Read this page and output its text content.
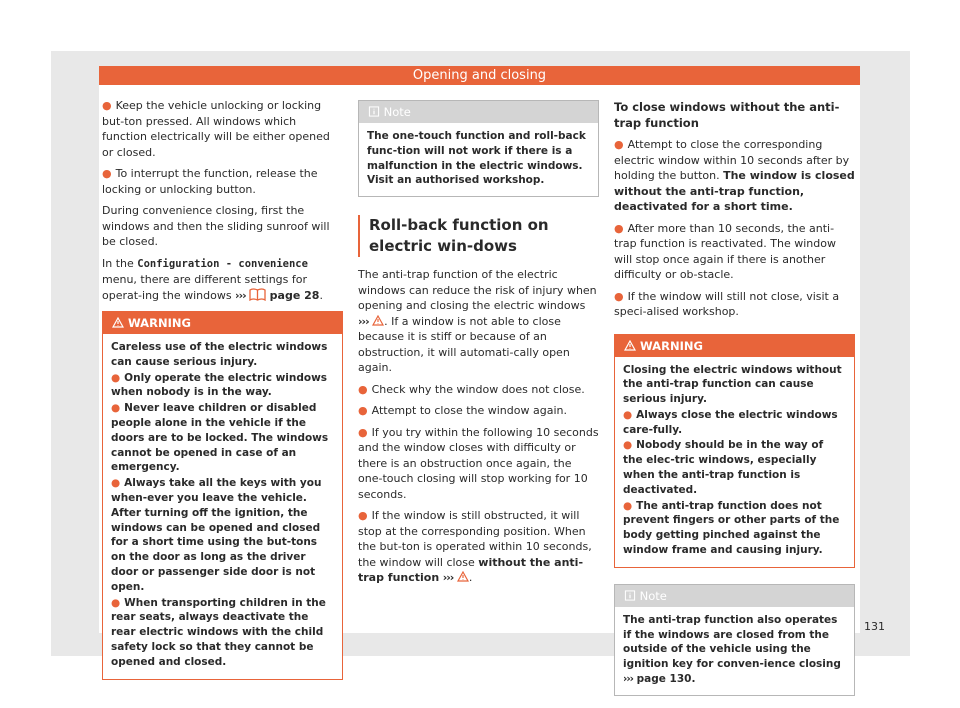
Opening and closing

● Keep the vehicle unlocking or locking but-ton pressed. All windows which function electrically will be either opened or closed.

● To interrupt the function, release the locking or unlocking button.

During convenience closing, first the windows and then the sliding sunroof will be closed.

In the Configuration - convenience menu, there are different settings for operat-ing the windows ››› page 28.

WARNING

Careless use of the electric windows can cause serious injury.

● Only operate the electric windows when nobody is in the way.

● Never leave children or disabled people alone in the vehicle if the doors are to be locked. The windows cannot be opened in case of an emergency.

● Always take all the keys with you when-ever you leave the vehicle. After turning off the ignition, the windows can be opened and closed for a short time using the but-tons on the door as long as the driver door or passenger side door is not open.

● When transporting children in the rear seats, always deactivate the rear electric windows with the child safety lock so that they cannot be opened and closed.

Note
The one-touch function and roll-back func-tion will not work if there is a malfunction in the electric windows. Visit an authorised workshop.
Roll-back function on electric win-dows

The anti-trap function of the electric windows can reduce the risk of injury when opening and closing the electric windows ››› . If a window is not able to close because it is stiff or because of an obstruction, it will automati-cally open again.

● Check why the window does not close.

● Attempt to close the window again.

● If you try within the following 10 seconds and the window closes with difficulty or there is an obstruction once again, the one-touch closing will stop working for 10 seconds.

● If the window is still obstructed, it will stop at the corresponding position. When the but-ton is operated within 10 seconds, the window will close without the anti-trap function ››› .

To close windows without the anti-trap function

● Attempt to close the corresponding electric window within 10 seconds after by holding the button. The window is closed without the anti-trap function, deactivated for a short time.

● After more than 10 seconds, the anti-trap function is reactivated. The window will stop once again if there is another difficulty or ob-stacle.

● If the window will still not close, visit a speci-alised workshop.

WARNING

Closing the electric windows without the anti-trap function can cause serious injury.

● Always close the electric windows care-fully.

● Nobody should be in the way of the elec-tric windows, especially when the anti-trap function is deactivated.

● The anti-trap function does not prevent fingers or other parts of the body getting pinched against the window frame and causing injury.

Note

The anti-trap function also operates if the windows are closed from the outside of the vehicle using the ignition key for conven-ience closing ››› page 130.

131
